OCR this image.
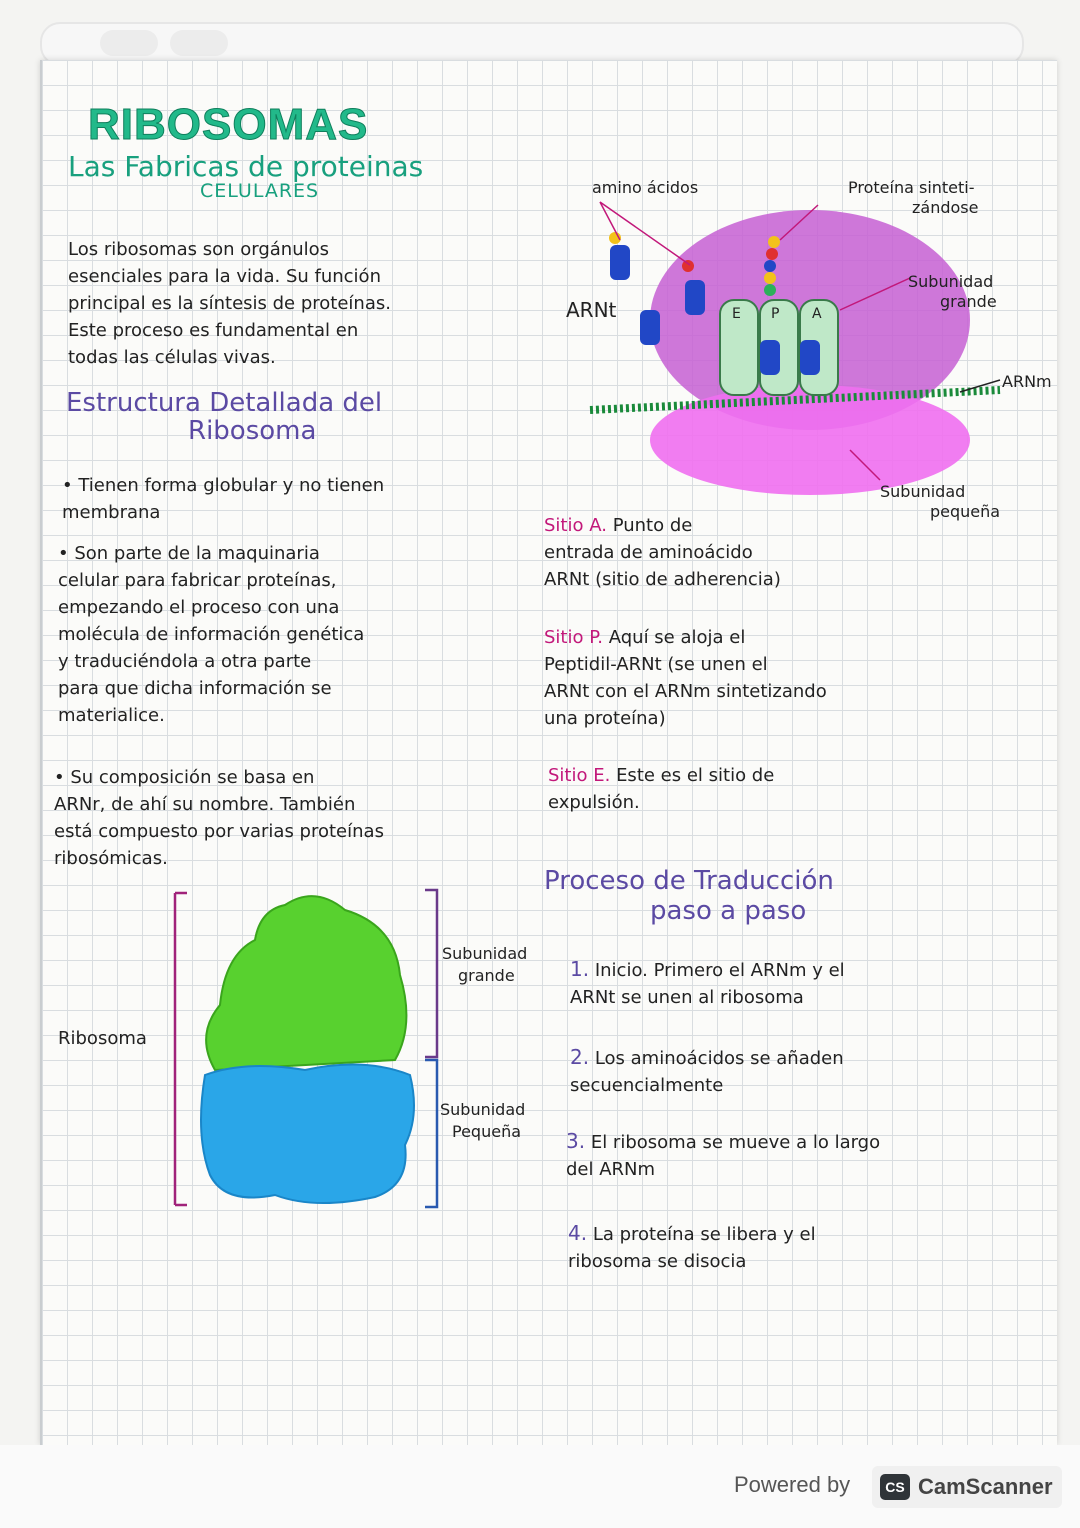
RIBOSOMAS
Las Fabricas de proteinas
CELULARES
Los ribosomas son orgánulos
esenciales para la vida. Su función
principal es la síntesis de proteínas.
Este proceso es fundamental en
todas las células vivas.
Estructura Detallada del
Ribosoma
• Tienen forma globular y no tienen
membrana
• Son parte de la maquinaria
celular para fabricar proteínas,
empezando el proceso con una
molécula de información genética
y traduciéndola a otra parte
para que dicha información se
materialice.
• Su composición se basa en
ARNr, de ahí su nombre. También
está compuesto por varias proteínas
ribosómicas.
E P A
amino ácidos	Proteína sinteti-
zándose
ARNt
Subunidad
grande
ARNm
Subunidad
pequeña
Sitio A. Punto de
entrada de aminoácido
ARNt (sitio de adherencia)
Sitio P. Aquí se aloja el
Peptidil-ARNt (se unen el
ARNt con el ARNm sintetizando
una proteína)
Sitio E. Este es el sitio de
expulsión.
Ribosoma
Subunidad
grande
Subunidad
Pequeña
Proceso de Traducción
paso a paso
1. Inicio. Primero el ARNm y el
ARNt se unen al ribosoma
2. Los aminoácidos se añaden
secuencialmente
3. El ribosoma se mueve a lo largo
del ARNm
4. La proteína se libera y el
ribosoma se disocia
Powered by	CS CamScanner
